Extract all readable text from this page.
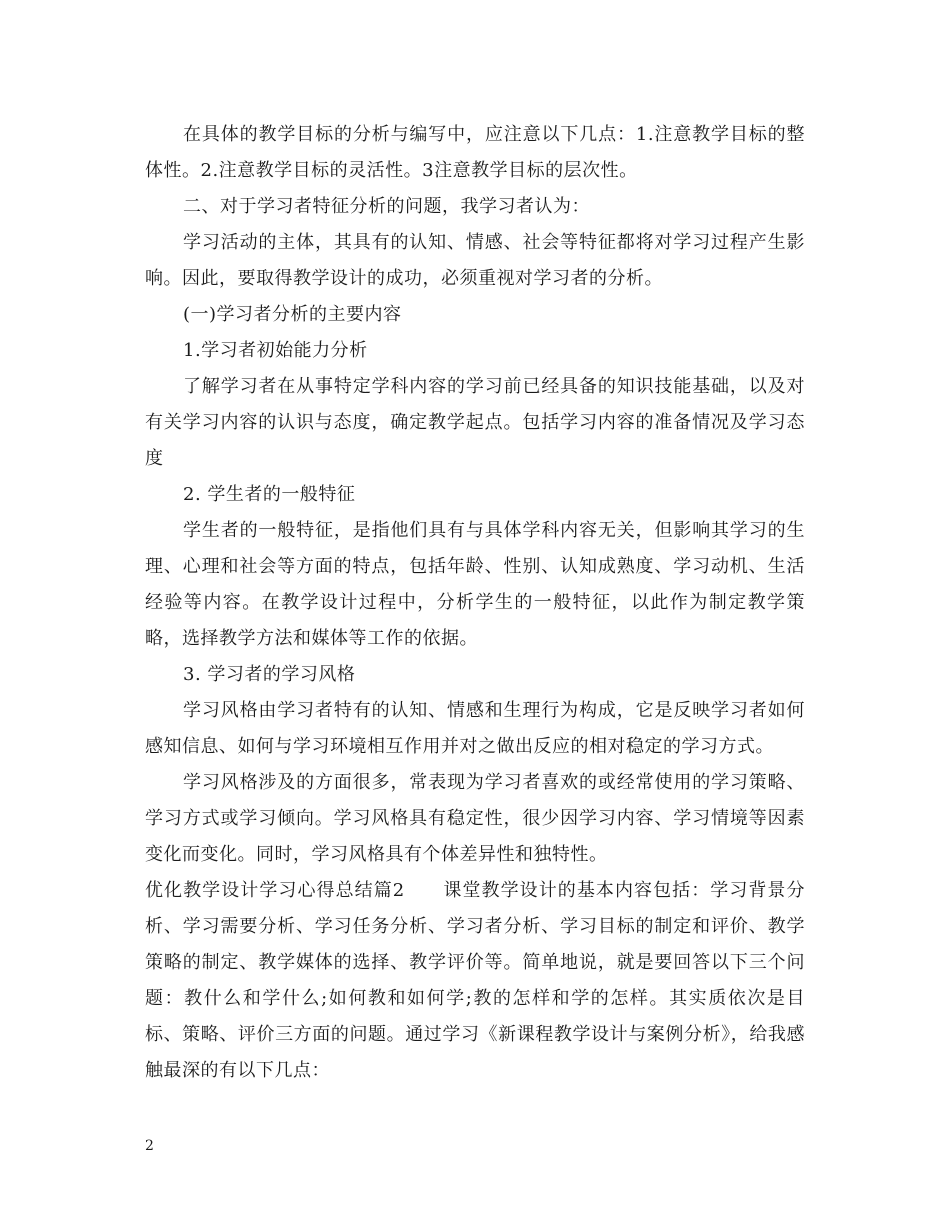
在具体的教学目标的分析与编写中，应注意以下几点：1.注意教学目标的整体性。2.注意教学目标的灵活性。3注意教学目标的层次性。

二、对于学习者特征分析的问题，我学习者认为：

学习活动的主体，其具有的认知、情感、社会等特征都将对学习过程产生影响。因此，要取得教学设计的成功，必须重视对学习者的分析。

(一)学习者分析的主要内容

1.学习者初始能力分析

了解学习者在从事特定学科内容的学习前已经具备的知识技能基础，以及对有关学习内容的认识与态度，确定教学起点。包括学习内容的准备情况及学习态度

2. 学生者的一般特征

学生者的一般特征，是指他们具有与具体学科内容无关，但影响其学习的生理、心理和社会等方面的特点，包括年龄、性别、认知成熟度、学习动机、生活经验等内容。在教学设计过程中，分析学生的一般特征，以此作为制定教学策略，选择教学方法和媒体等工作的依据。

3. 学习者的学习风格

学习风格由学习者特有的认知、情感和生理行为构成，它是反映学习者如何感知信息、如何与学习环境相互作用并对之做出反应的相对稳定的学习方式。

学习风格涉及的方面很多，常表现为学习者喜欢的或经常使用的学习策略、学习方式或学习倾向。学习风格具有稳定性，很少因学习内容、学习情境等因素变化而变化。同时，学习风格具有个体差异性和独特性。

优化教学设计学习心得总结篇2　　课堂教学设计的基本内容包括：学习背景分析、学习需要分析、学习任务分析、学习者分析、学习目标的制定和评价、教学策略的制定、教学媒体的选择、教学评价等。简单地说，就是要回答以下三个问题：教什么和学什么;如何教和如何学;教的怎样和学的怎样。其实质依次是目标、策略、评价三方面的问题。通过学习《新课程教学设计与案例分析》，给我感触最深的有以下几点：

2
